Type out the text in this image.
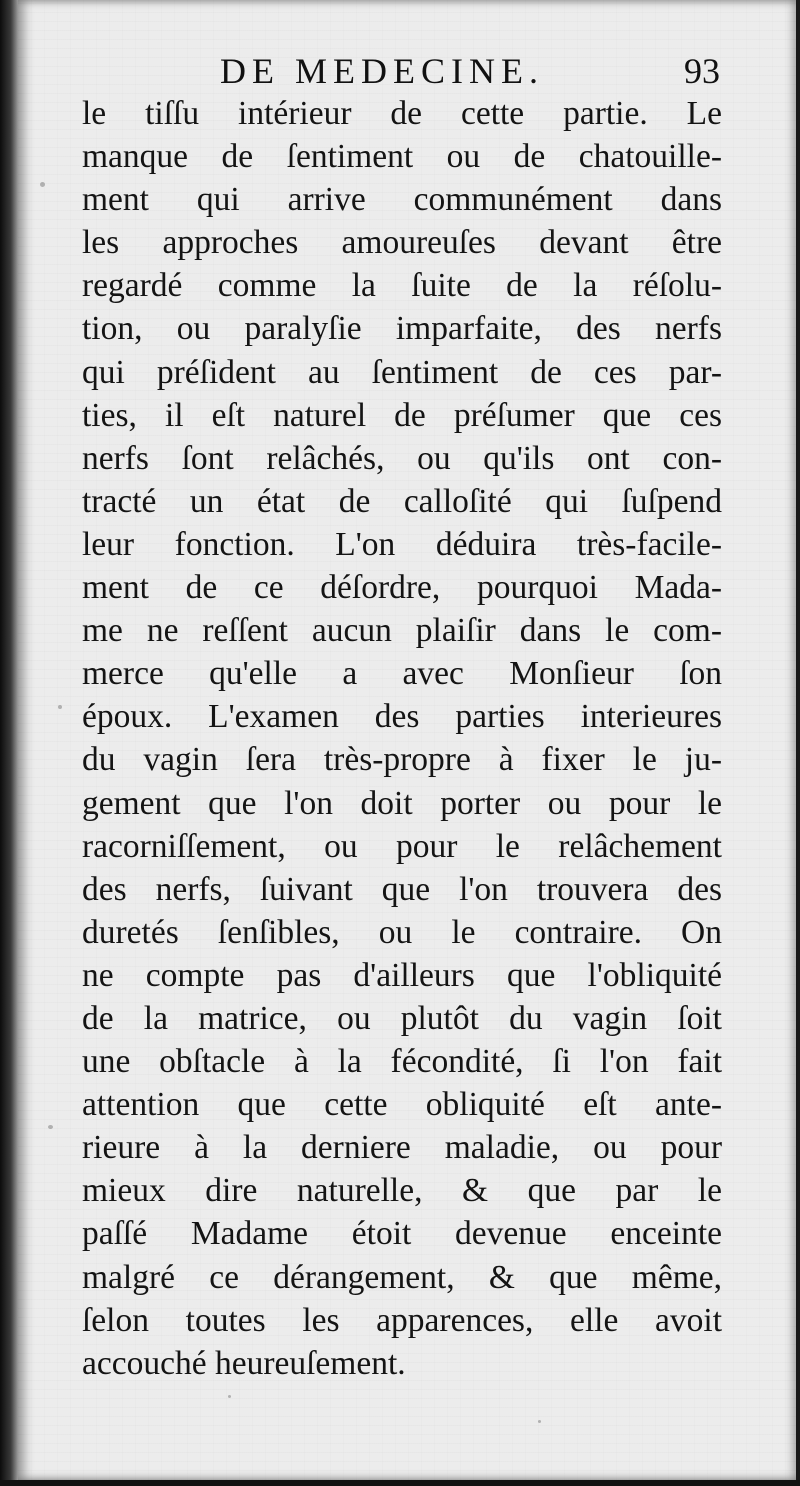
DE MEDECINE.	93
le tiſſu intérieur de cette partie. Le
manque de ſentiment ou de chatouille-
ment qui arrive communément dans
les approches amoureuſes devant être
regardé comme la ſuite de la réſolu-
tion, ou paralyſie imparfaite, des nerfs
qui préſident au ſentiment de ces par-
ties, il eſt naturel de préſumer que ces
nerfs ſont relâchés, ou qu'ils ont con-
tracté un état de calloſité qui ſuſpend
leur fonction. L'on déduira très-facile-
ment de ce déſordre, pourquoi Mada-
me ne reſſent aucun plaiſir dans le com-
merce qu'elle a avec Monſieur ſon
époux. L'examen des parties interieures
du vagin ſera très-propre à fixer le ju-
gement que l'on doit porter ou pour le
racorniſſement, ou pour le relâchement
des nerfs, ſuivant que l'on trouvera des
duretés ſenſibles, ou le contraire. On
ne compte pas d'ailleurs que l'obliquité
de la matrice, ou plutôt du vagin ſoit
une obſtacle à la fécondité, ſi l'on fait
attention que cette obliquité eſt ante-
rieure à la derniere maladie, ou pour
mieux dire naturelle, & que par le
paſſé Madame étoit devenue enceinte
malgré ce dérangement, & que même,
ſelon toutes les apparences, elle avoit
accouché heureuſement.
